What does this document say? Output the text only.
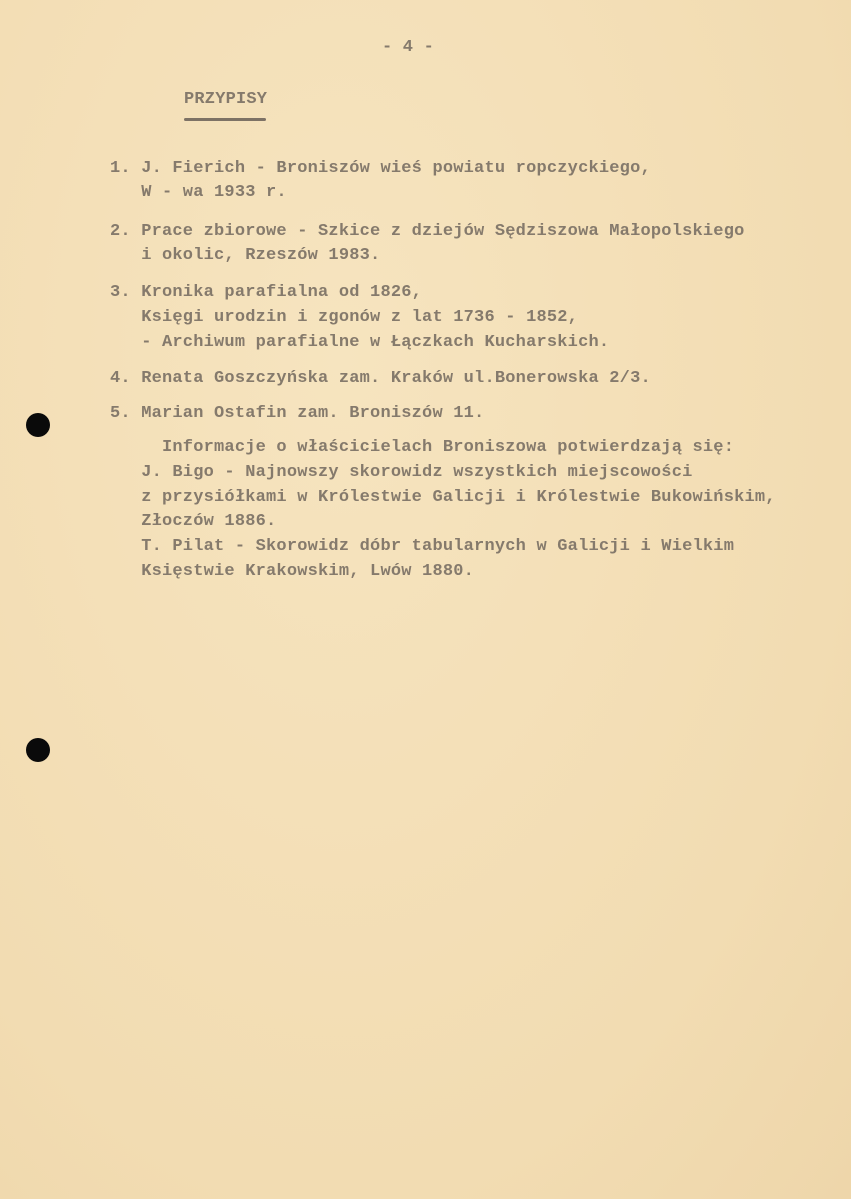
- 4 -
PRZYPISY
1. J. Fierich - Broniszów wieś powiatu ropczyckiego,
W - wa 1933 r.
2. Prace zbiorowe - Szkice z dziejów Sędziszowa Małopolskiego
i okolic, Rzeszów 1983.
3. Kronika parafialna od 1826,
Księgi urodzin i zgonów z lat 1736 - 1852,
- Archiwum parafialne w Łączkach Kucharskich.
4. Renata Goszczyńska zam. Kraków ul.Bonerowska 2/3.
5. Marian Ostafin zam. Broniszów 11.
Informacje o właścicielach Broniszowa potwierdzają się:
J. Bigo - Najnowszy skorowidz wszystkich miejscowości
z przysiółkami w Królestwie Galicji i Królestwie Bukowińskim,
Złoczów 1886.
T. Pilat - Skorowidz dóbr tabularnych w Galicji i Wielkim
Księstwie Krakowskim, Lwów 1880.
